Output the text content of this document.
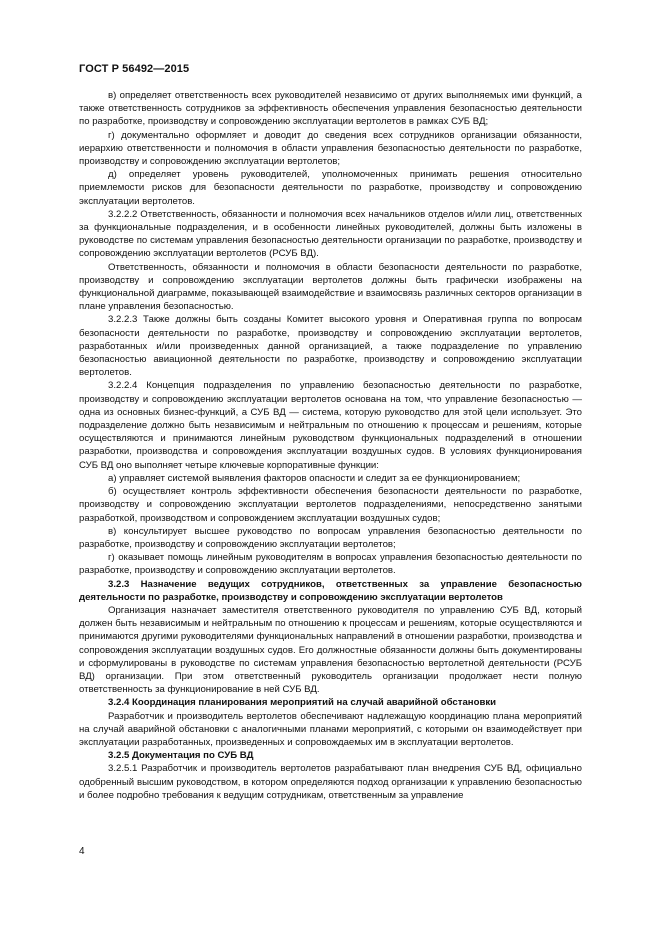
ГОСТ Р 56492—2015

в) определяет ответственность всех руководителей независимо от других выполняемых ими функций, а также ответственность сотрудников за эффективность обеспечения управления безопасностью деятельности по разработке, производству и сопровождению эксплуатации вертолетов в рамках СУБ ВД;

г) документально оформляет и доводит до сведения всех сотрудников организации обязанности, иерархию ответственности и полномочия в области управления безопасностью деятельности по разработке, производству и сопровождению эксплуатации вертолетов;

д) определяет уровень руководителей, уполномоченных принимать решения относительно приемлемости рисков для безопасности деятельности по разработке, производству и сопровождению эксплуатации вертолетов.

3.2.2.2 Ответственность, обязанности и полномочия всех начальников отделов и/или лиц, ответственных за функциональные подразделения, и в особенности линейных руководителей, должны быть изложены в руководстве по системам управления безопасностью деятельности организации по разработке, производству и сопровождению эксплуатации вертолетов (РСУБ ВД).

Ответственность, обязанности и полномочия в области безопасности деятельности по разработке, производству и сопровождению эксплуатации вертолетов должны быть графически изображены на функциональной диаграмме, показывающей взаимодействие и взаимосвязь различных секторов организации в плане управления безопасностью.

3.2.2.3 Также должны быть созданы Комитет высокого уровня и Оперативная группа по вопросам безопасности деятельности по разработке, производству и сопровождению эксплуатации вертолетов, разработанных и/или произведенных данной организацией, а также подразделение по управлению безопасностью авиационной деятельности по разработке, производству и сопровождению эксплуатации вертолетов.

3.2.2.4 Концепция подразделения по управлению безопасностью деятельности по разработке, производству и сопровождению эксплуатации вертолетов основана на том, что управление безопасностью — одна из основных бизнес-функций, а СУБ ВД — система, которую руководство для этой цели использует. Это подразделение должно быть независимым и нейтральным по отношению к процессам и решениям, которые осуществляются и принимаются линейным руководством функциональных подразделений в отношении разработки, производства и сопровождения эксплуатации воздушных судов. В условиях функционирования СУБ ВД оно выполняет четыре ключевые корпоративные функции:

а) управляет системой выявления факторов опасности и следит за ее функционированием;

б) осуществляет контроль эффективности обеспечения безопасности деятельности по разработке, производству и сопровождению эксплуатации вертолетов подразделениями, непосредственно занятыми разработкой, производством и сопровождением эксплуатации воздушных судов;

в) консультирует высшее руководство по вопросам управления безопасностью деятельности по разработке, производству и сопровождению эксплуатации вертолетов;

г) оказывает помощь линейным руководителям в вопросах управления безопасностью деятельности по разработке, производству и сопровождению эксплуатации вертолетов.

3.2.3 Назначение ведущих сотрудников, ответственных за управление безопасностью деятельности по разработке, производству и сопровождению эксплуатации вертолетов

Организация назначает заместителя ответственного руководителя по управлению СУБ ВД, который должен быть независимым и нейтральным по отношению к процессам и решениям, которые осуществляются и принимаются другими руководителями функциональных направлений в отношении разработки, производства и сопровождения эксплуатации воздушных судов. Его должностные обязанности должны быть документированы и сформулированы в руководстве по системам управления безопасностью вертолетной деятельности (РСУБ ВД) организации. При этом ответственный руководитель организации продолжает нести полную ответственность за функционирование в ней СУБ ВД.

3.2.4 Координация планирования мероприятий на случай аварийной обстановки

Разработчик и производитель вертолетов обеспечивают надлежащую координацию плана мероприятий на случай аварийной обстановки с аналогичными планами мероприятий, с которыми он взаимодействует при эксплуатации разработанных, произведенных и сопровождаемых им в эксплуатации вертолетов.

3.2.5 Документация по СУБ ВД

3.2.5.1 Разработчик и производитель вертолетов разрабатывают план внедрения СУБ ВД, официально одобренный высшим руководством, в котором определяются подход организации к управлению безопасностью и более подробно требования к ведущим сотрудникам, ответственным за управление

4
